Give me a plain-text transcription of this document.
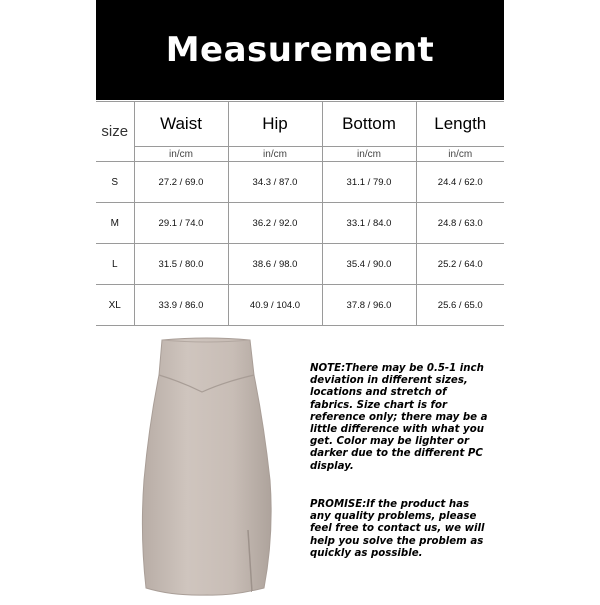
Measurement
size	Waist	Hip	Bottom	Length
	in/cm	in/cm	in/cm	in/cm
S	27.2 / 69.0	34.3 / 87.0	31.1 / 79.0	24.4 / 62.0
M	29.1 / 74.0	36.2 / 92.0	33.1 / 84.0	24.8 / 63.0
L	31.5 / 80.0	38.6 / 98.0	35.4 / 90.0	25.2 / 64.0
XL	33.9 / 86.0	40.9 / 104.0	37.8 / 96.0	25.6 / 65.0
NOTE:There may be 0.5-1 inch deviation in different sizes, locations and stretch of fabrics. Size chart is for reference only; there may be a little difference with what you get. Color may be lighter or darker due to the different PC display.
PROMISE:If the product has any quality problems, please feel free to contact us, we will help you solve the problem as quickly as possible.
